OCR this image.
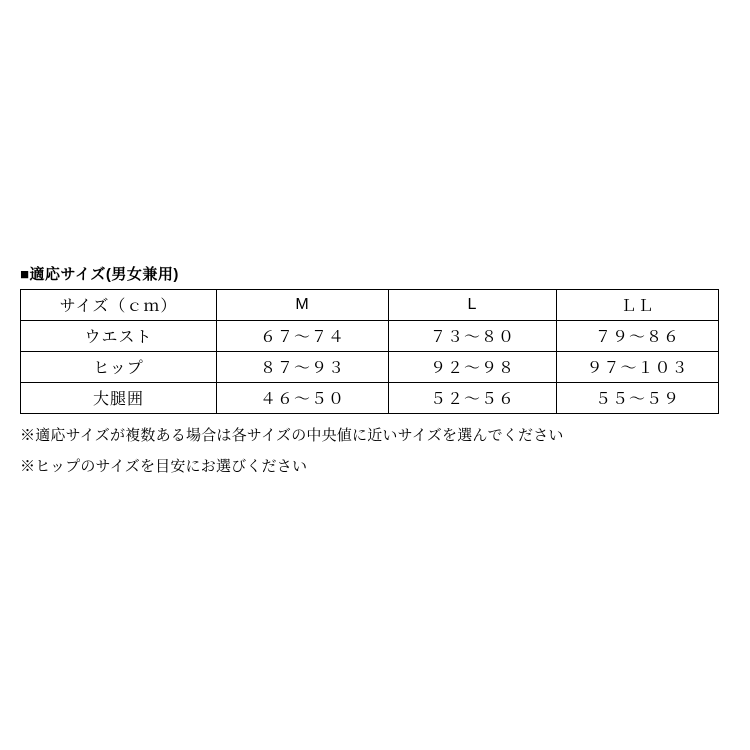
■適応サイズ(男女兼用)
サイズ（ｃｍ）	M	L	ＬＬ
ウエスト	６７〜７４	７３〜８０	７９〜８６
ヒップ	８７〜９３	９２〜９８	９７〜１０３
大腿囲	４６〜５０	５２〜５６	５５〜５９
※適応サイズが複数ある場合は各サイズの中央値に近いサイズを選んでください
※ヒップのサイズを目安にお選びください
